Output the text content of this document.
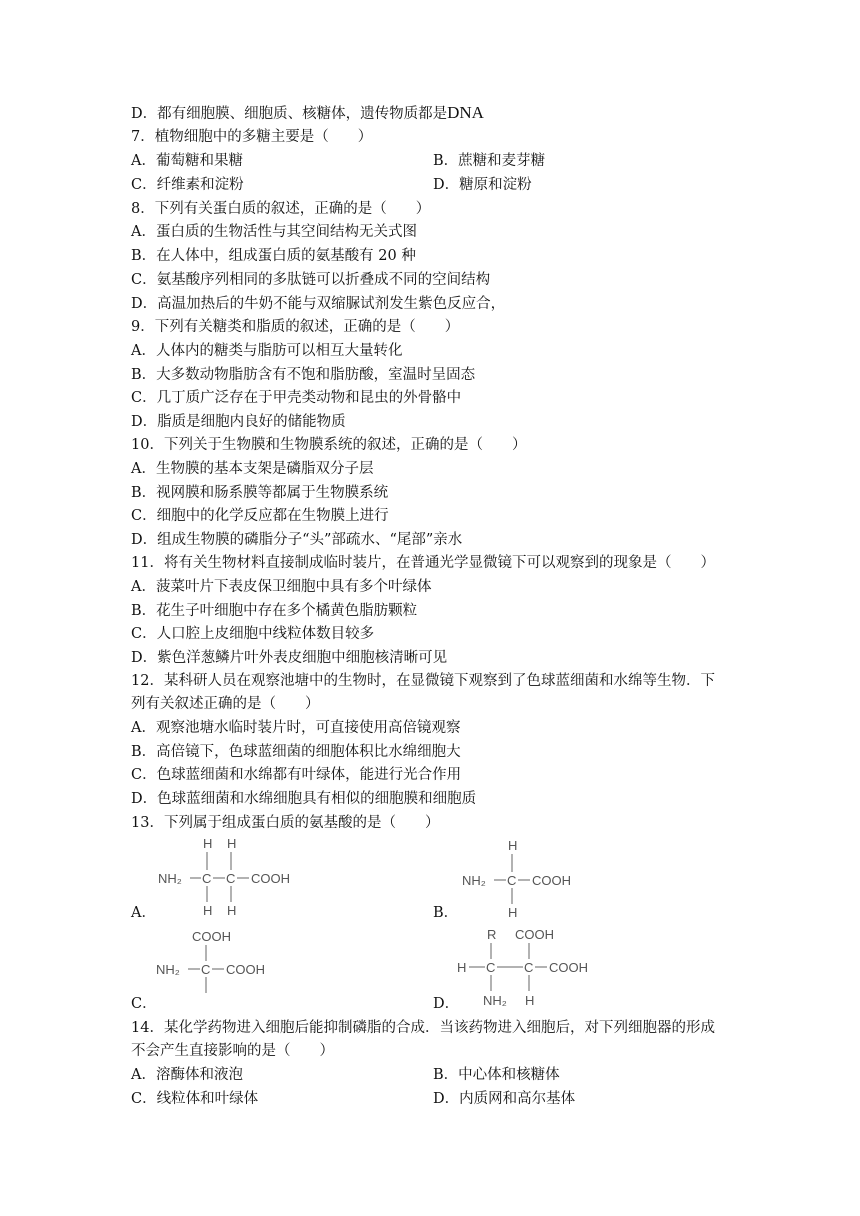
D．都有细胞膜、细胞质、核糖体，遗传物质都是DNA
7．植物细胞中的多糖主要是（　　）
A．葡萄糖和果糖	B．蔗糖和麦芽糖
C．纤维素和淀粉	D．糖原和淀粉
8．下列有关蛋白质的叙述，正确的是（　　）
A．蛋白质的生物活性与其空间结构无关式图
B．在人体中，组成蛋白质的氨基酸有 20 种
C．氨基酸序列相同的多肽链可以折叠成不同的空间结构
D．高温加热后的牛奶不能与双缩脲试剂发生紫色反应合，
9．下列有关糖类和脂质的叙述，正确的是（　　）
A．人体内的糖类与脂肪可以相互大量转化
B．大多数动物脂肪含有不饱和脂肪酸，室温时呈固态
C．几丁质广泛存在于甲壳类动物和昆虫的外骨骼中
D．脂质是细胞内良好的储能物质
10．下列关于生物膜和生物膜系统的叙述，正确的是（　　）
A．生物膜的基本支架是磷脂双分子层
B．视网膜和肠系膜等都属于生物膜系统
C．细胞中的化学反应都在生物膜上进行
D．组成生物膜的磷脂分子“头”部疏水、“尾部”亲水
11．将有关生物材料直接制成临时装片，在普通光学显微镜下可以观察到的现象是（　　）
A．菠菜叶片下表皮保卫细胞中具有多个叶绿体
B．花生子叶细胞中存在多个橘黄色脂肪颗粒
C．人口腔上皮细胞中线粒体数目较多
D．紫色洋葱鳞片叶外表皮细胞中细胞核清晰可见
12．某科研人员在观察池塘中的生物时，在显微镜下观察到了色球蓝细菌和水绵等生物．下
列有关叙述正确的是（　　）
A．观察池塘水临时装片时，可直接使用高倍镜观察
B．高倍镜下，色球蓝细菌的细胞体积比水绵细胞大
C．色球蓝细菌和水绵都有叶绿体，能进行光合作用
D．色球蓝细菌和水绵细胞具有相似的细胞膜和细胞质
13．下列属于组成蛋白质的氨基酸的是（　　）
A．
H H
NH₂ C C COOH
H H	B．
H
NH₂ C COOH
H
C．
COOH
NH₂ C COOH
D．
R COOH
H C C COOH
NH₂ H
14．某化学药物进入细胞后能抑制磷脂的合成．当该药物进入细胞后，对下列细胞器的形成
不会产生直接影响的是（　　）
A．溶酶体和液泡	B．中心体和核糖体
C．线粒体和叶绿体	D．内质网和高尔基体
